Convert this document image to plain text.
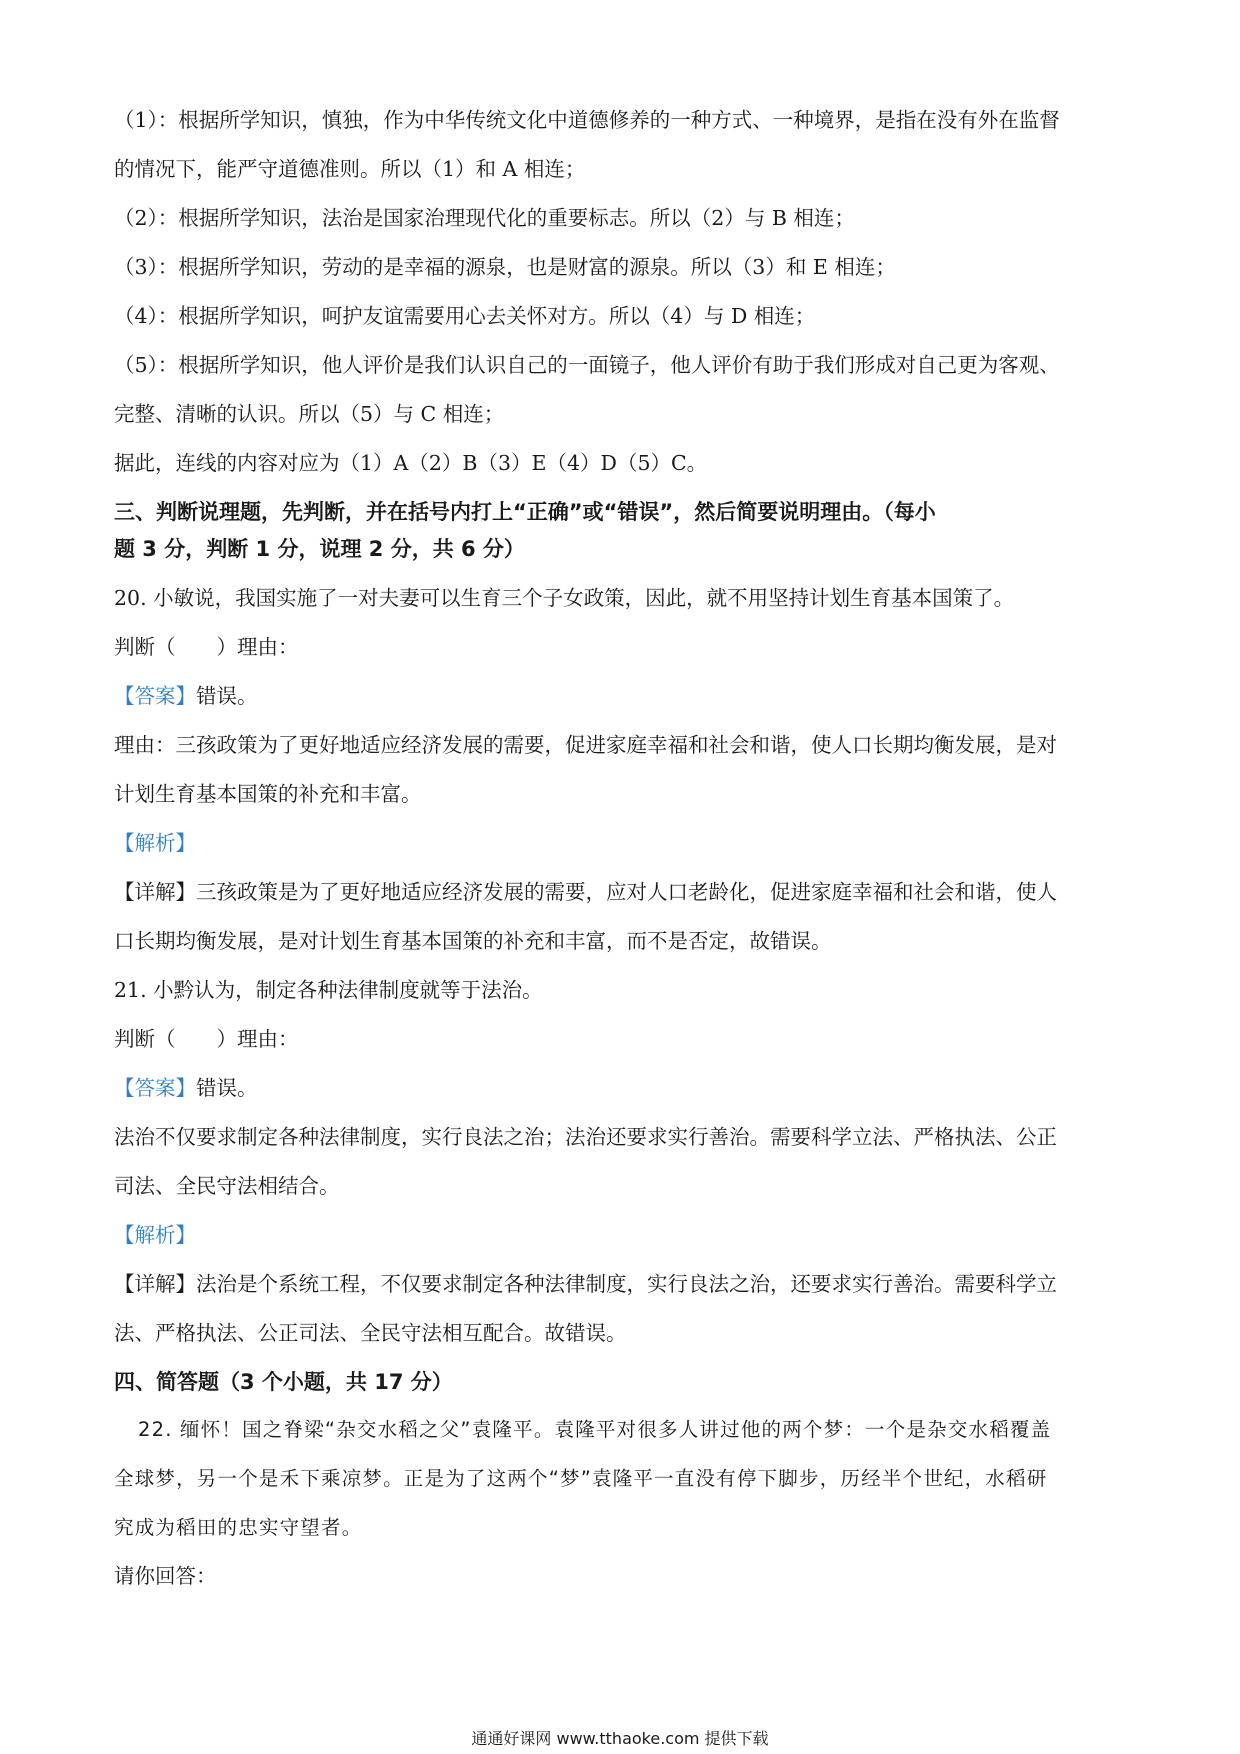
（1）：根据所学知识，慎独，作为中华传统文化中道德修养的一种方式、一种境界，是指在没有外在监督

的情况下，能严守道德准则。所以（1）和 A 相连；

（2）：根据所学知识，法治是国家治理现代化的重要标志。所以（2）与 B 相连；

（3）：根据所学知识，劳动的是幸福的源泉，也是财富的源泉。所以（3）和 E 相连；

（4）：根据所学知识，呵护友谊需要用心去关怀对方。所以（4）与 D 相连；

（5）：根据所学知识，他人评价是我们认识自己的一面镜子，他人评价有助于我们形成对自己更为客观、

完整、清晰的认识。所以（5）与 C 相连；

据此，连线的内容对应为（1）A（2）B（3）E（4）D（5）C。

三、判断说理题，先判断，并在括号内打上“正确”或“错误”，然后简要说明理由。（每小
题 3 分，判断 1 分，说理 2 分，共 6 分）

20. 小敏说，我国实施了一对夫妻可以生育三个子女政策，因此，就不用坚持计划生育基本国策了。

判断（　　）理由：

【答案】错误。

理由：三孩政策为了更好地适应经济发展的需要，促进家庭幸福和社会和谐，使人口长期均衡发展，是对

计划生育基本国策的补充和丰富。

【解析】

【详解】三孩政策是为了更好地适应经济发展的需要，应对人口老龄化，促进家庭幸福和社会和谐，使人

口长期均衡发展，是对计划生育基本国策的补充和丰富，而不是否定，故错误。

21. 小黔认为，制定各种法律制度就等于法治。

判断（　　）理由：

【答案】错误。

法治不仅要求制定各种法律制度，实行良法之治；法治还要求实行善治。需要科学立法、严格执法、公正

司法、全民守法相结合。

【解析】

【详解】法治是个系统工程，不仅要求制定各种法律制度，实行良法之治，还要求实行善治。需要科学立

法、严格执法、公正司法、全民守法相互配合。故错误。

四、简答题（3 个小题，共 17 分）

22. 缅怀！国之脊梁“杂交水稻之父”袁隆平。袁隆平对很多人讲过他的两个梦：一个是杂交水稻覆盖

全球梦，另一个是禾下乘凉梦。正是为了这两个“梦”袁隆平一直没有停下脚步，历经半个世纪，水稻研

究成为稻田的忠实守望者。

请你回答：

通通好课网 www.tthaoke.com 提供下载
